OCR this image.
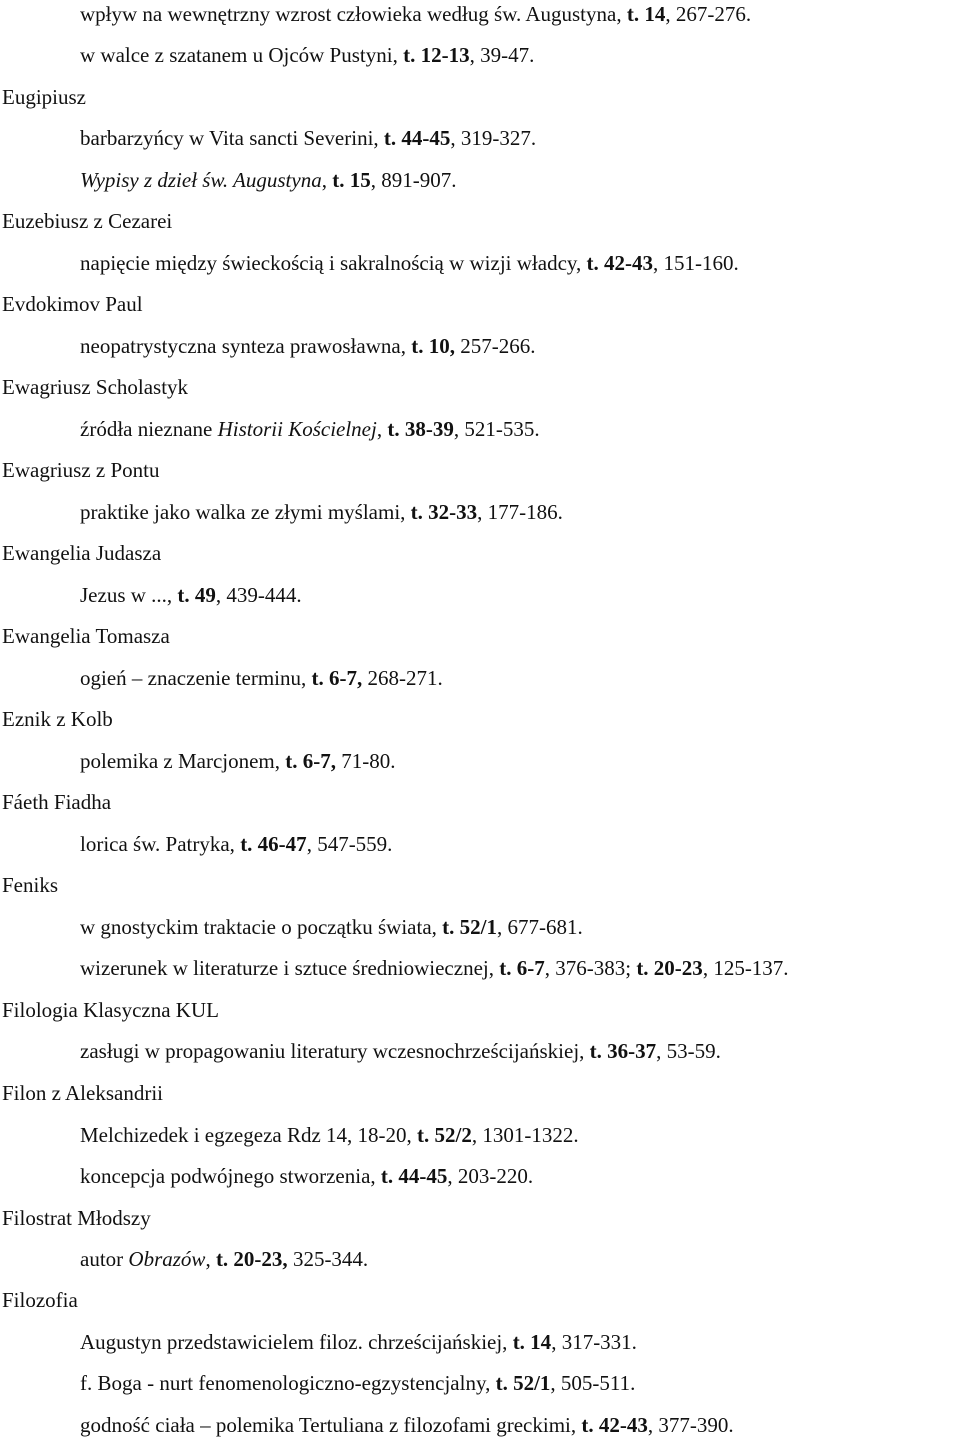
wpływ na wewnętrzny wzrost człowieka według św. Augustyna, t. 14, 267-276.
w walce z szatanem u Ojców Pustyni, t. 12-13, 39-47.
Eugipiusz
barbarzyńcy w Vita sancti Severini, t. 44-45, 319-327.
Wypisy z dzieł św. Augustyna, t. 15, 891-907.
Euzebiusz z Cezarei
napięcie między świeckością i sakralnością w wizji władcy, t. 42-43, 151-160.
Evdokimov Paul
neopatrystyczna synteza prawosławna, t. 10, 257-266.
Ewagriusz Scholastyk
źródła nieznane Historii Kościelnej, t. 38-39, 521-535.
Ewagriusz z Pontu
praktike jako walka ze złymi myślami, t. 32-33, 177-186.
Ewangelia Judasza
Jezus w ..., t. 49, 439-444.
Ewangelia Tomasza
ogień – znaczenie terminu, t. 6-7, 268-271.
Eznik z Kolb
polemika z Marcjonem, t. 6-7, 71-80.
Fáeth Fiadha
lorica św. Patryka, t. 46-47, 547-559.
Feniks
w gnostyckim traktacie o początku świata, t. 52/1, 677-681.
wizerunek w literaturze i sztuce średniowiecznej, t. 6-7, 376-383; t. 20-23, 125-137.
Filologia Klasyczna KUL
zasługi w propagowaniu literatury wczesnochrześcijańskiej, t. 36-37, 53-59.
Filon z Aleksandrii
Melchizedek i egzegeza Rdz 14, 18-20, t. 52/2, 1301-1322.
koncepcja podwójnego stworzenia, t. 44-45, 203-220.
Filostrat Młodszy
autor Obrazów, t. 20-23, 325-344.
Filozofia
Augustyn przedstawicielem filoz. chrześcijańskiej, t. 14, 317-331.
f. Boga - nurt fenomenologiczno-egzystencjalny, t. 52/1, 505-511.
godność ciała – polemika Tertuliana z filozofami greckimi, t. 42-43, 377-390.
